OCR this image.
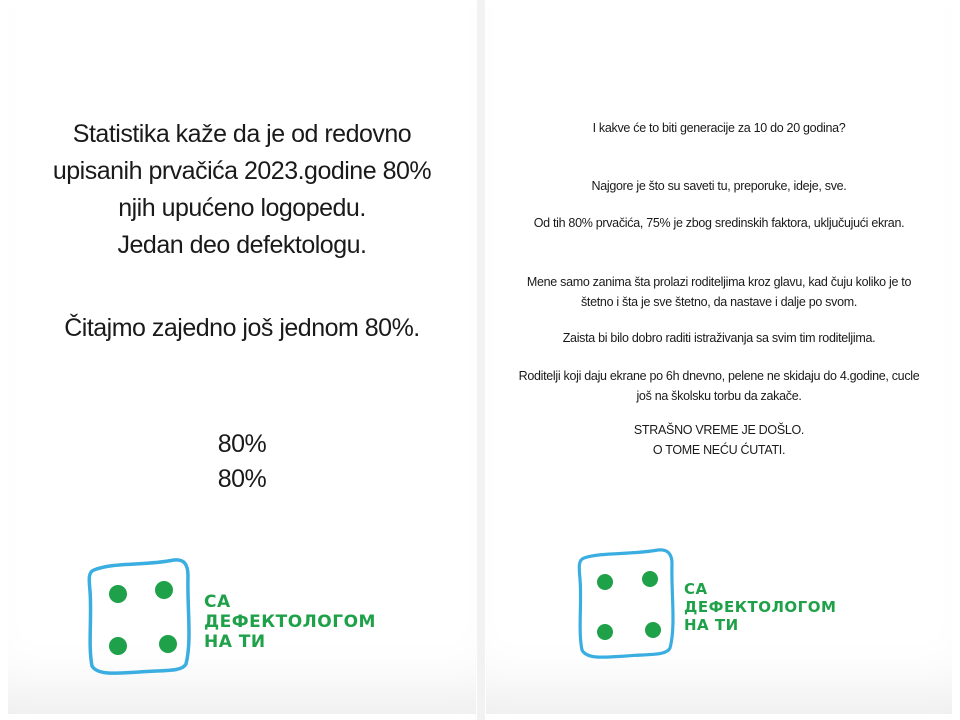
Statistika kaže da je od redovno
upisanih prvačića 2023.godine 80%
njih upućeno logopedu.
Jedan deo defektologu.
Čitajmo zajedno još jednom 80%.
80%
80%
СА
ДЕФЕКТОЛОГОМ
НА ТИ
I kakve će to biti generacije za 10 do 20 godina?
Najgore je što su saveti tu, preporuke, ideje, sve.
Od tih 80% prvačića, 75% je zbog sredinskih faktora, uključujući ekran.
Mene samo zanima šta prolazi roditeljima kroz glavu, kad čuju koliko je to
štetno i šta je sve štetno, da nastave i dalje po svom.
Zaista bi bilo dobro raditi istraživanja sa svim tim roditeljima.
Roditelji koji daju ekrane po 6h dnevno, pelene ne skidaju do 4.godine, cucle
još na školsku torbu da zakače.
STRAŠNO VREME JE DOŠLO.
O TOME NEĆU ĆUTATI.
СА
ДЕФЕКТОЛОГОМ
НА ТИ
